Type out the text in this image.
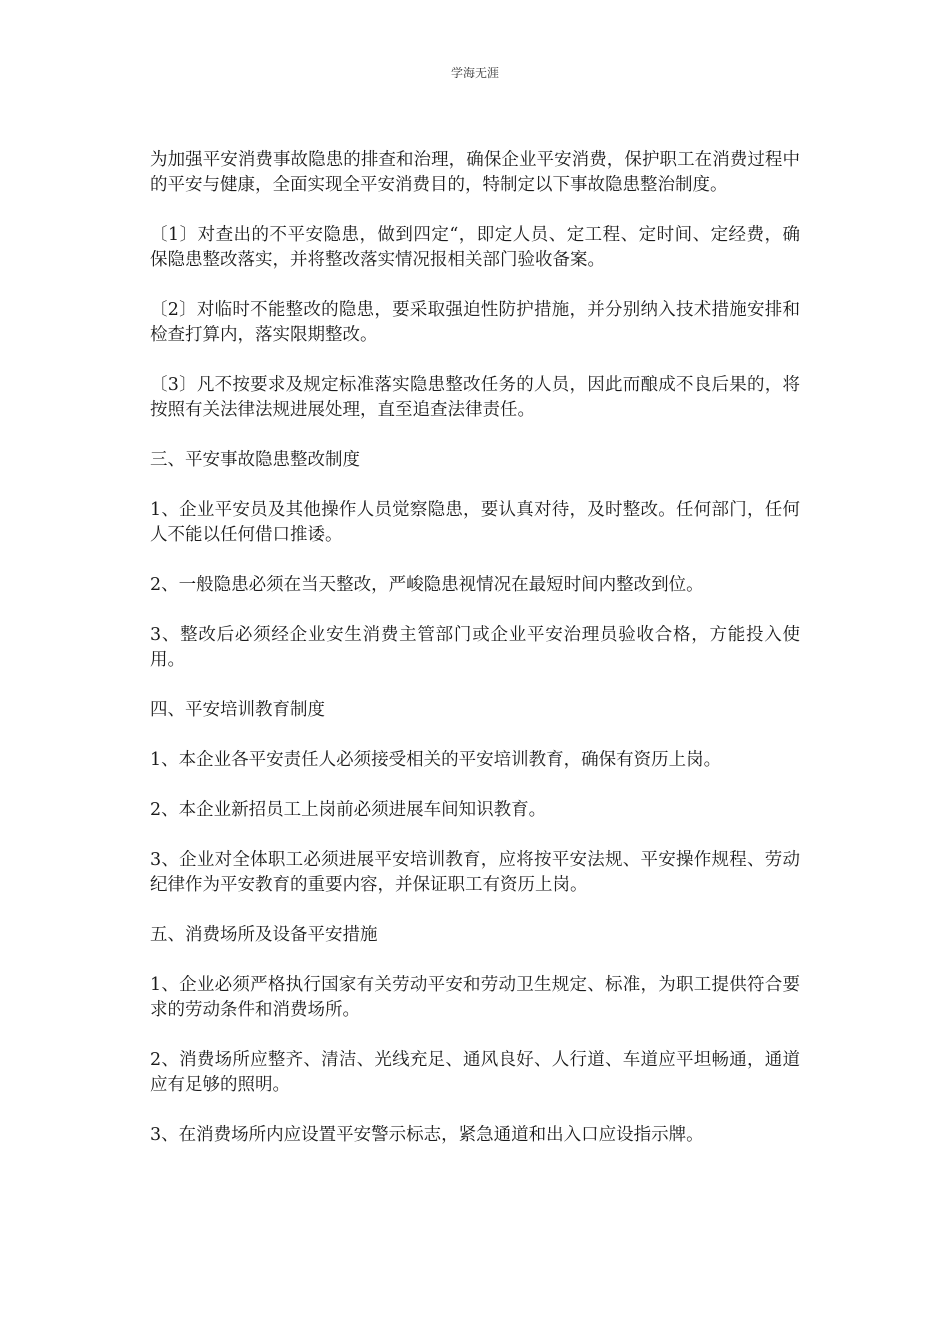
学海无涯

为加强平安消费事故隐患的排查和治理，确保企业平安消费，保护职工在消费过程中的平安与健康，全面实现全平安消费目的，特制定以下事故隐患整治制度。

〔1〕对查出的不平安隐患，做到四定“，即定人员、定工程、定时间、定经费，确保隐患整改落实，并将整改落实情况报相关部门验收备案。

〔2〕对临时不能整改的隐患，要采取强迫性防护措施，并分别纳入技术措施安排和检查打算内，落实限期整改。

〔3〕凡不按要求及规定标准落实隐患整改任务的人员，因此而酿成不良后果的，将按照有关法律法规进展处理，直至追查法律责任。

三、平安事故隐患整改制度

1、企业平安员及其他操作人员觉察隐患，要认真对待，及时整改。任何部门，任何人不能以任何借口推诿。

2、一般隐患必须在当天整改，严峻隐患视情况在最短时间内整改到位。

3、整改后必须经企业安生消费主管部门或企业平安治理员验收合格，方能投入使用。

四、平安培训教育制度

1、本企业各平安责任人必须接受相关的平安培训教育，确保有资历上岗。

2、本企业新招员工上岗前必须进展车间知识教育。

3、企业对全体职工必须进展平安培训教育，应将按平安法规、平安操作规程、劳动纪律作为平安教育的重要内容，并保证职工有资历上岗。

五、消费场所及设备平安措施

1、企业必须严格执行国家有关劳动平安和劳动卫生规定、标准，为职工提供符合要求的劳动条件和消费场所。

2、消费场所应整齐、清洁、光线充足、通风良好、人行道、车道应平坦畅通，通道应有足够的照明。

3、在消费场所内应设置平安警示标志，紧急通道和出入口应设指示牌。
